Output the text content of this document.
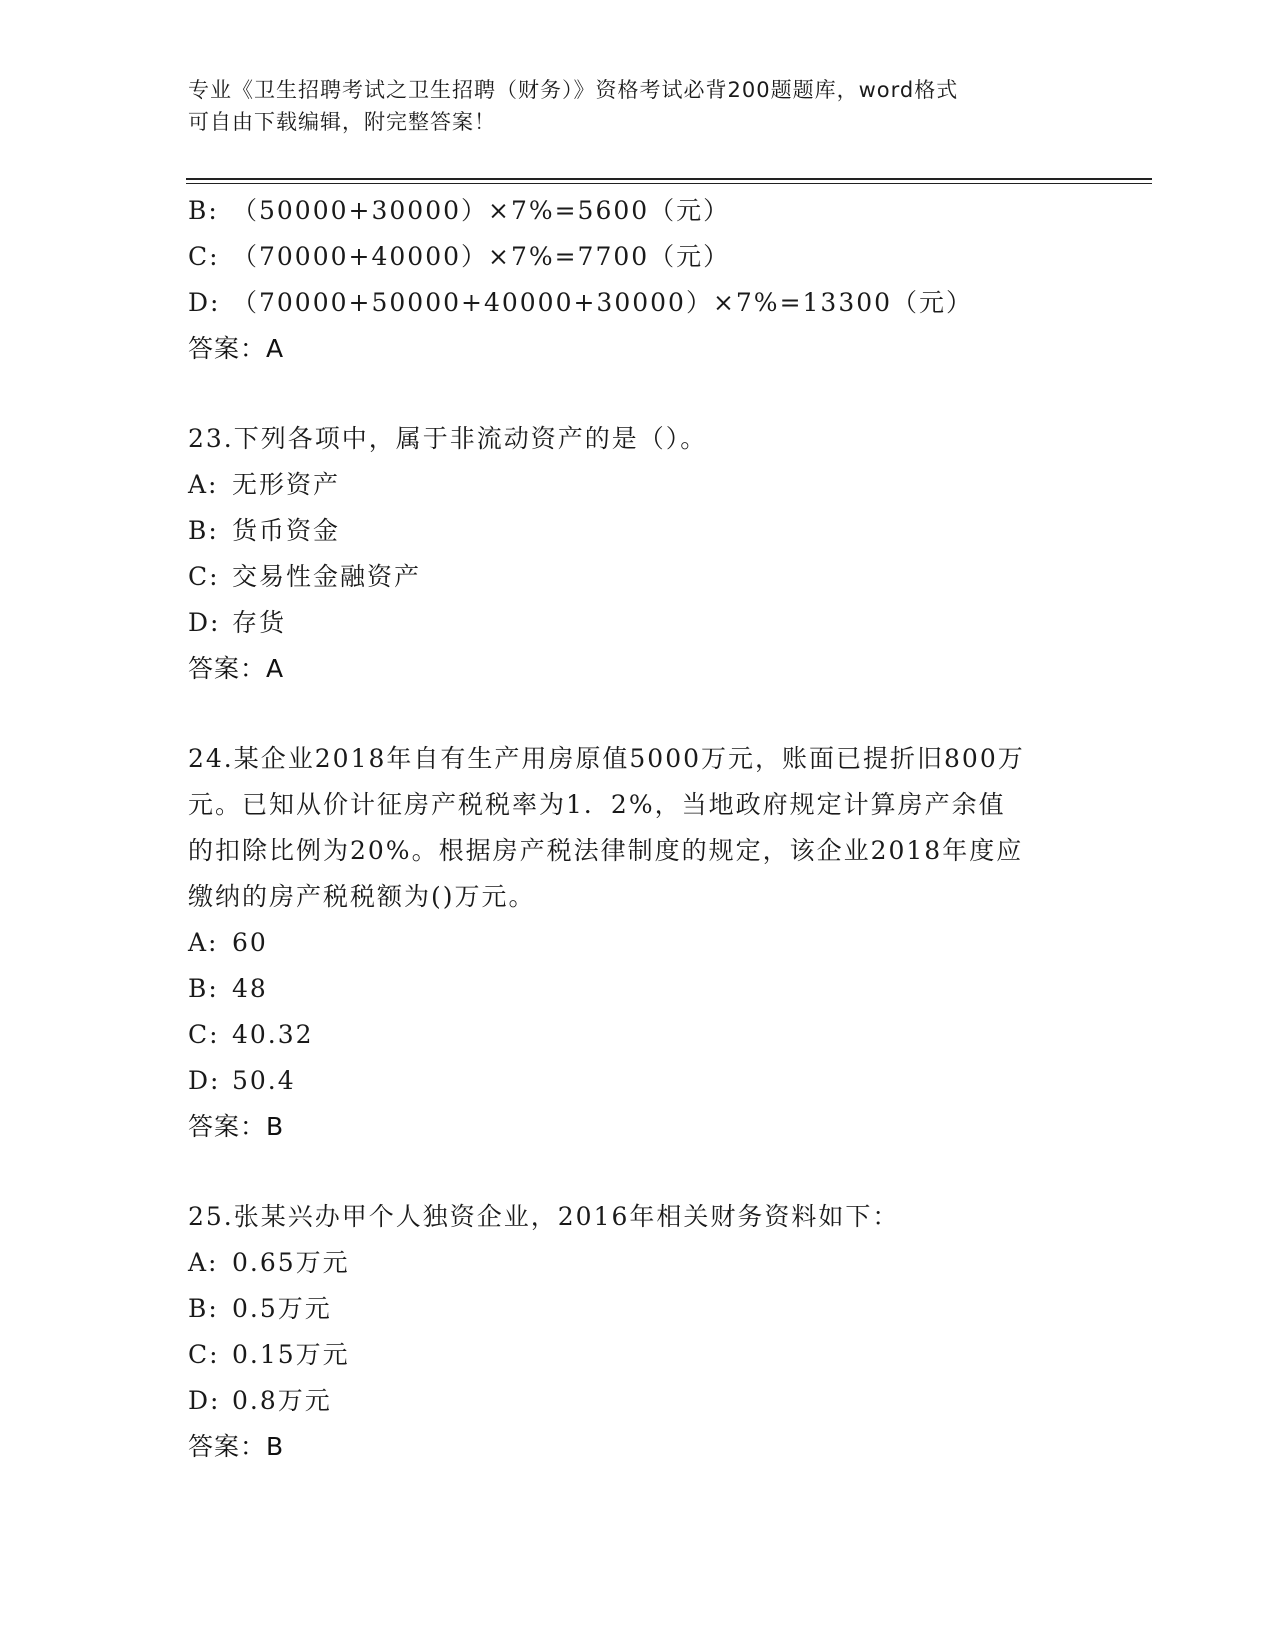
专业《卫生招聘考试之卫生招聘（财务）》资格考试必背200题题库，word格式

可自由下载编辑，附完整答案！

B: （50000+30000）×7%=5600（元）
C: （70000+40000）×7%=7700（元）
D: （70000+50000+40000+30000）×7%=13300（元）
答案：A

23.下列各项中，属于非流动资产的是（）。

A: 无形资产
B: 货币资金
C: 交易性金融资产
D: 存货
答案：A

24.某企业2018年自有生产用房原值5000万元，账面已提折旧800万

元。已知从价计征房产税税率为1．2%，当地政府规定计算房产余值

的扣除比例为20%。根据房产税法律制度的规定，该企业2018年度应

缴纳的房产税税额为()万元。

A: 60
B: 48
C: 40.32
D: 50.4
答案：B

25.张某兴办甲个人独资企业，2016年相关财务资料如下：

A: 0.65万元
B: 0.5万元
C: 0.15万元
D: 0.8万元
答案：B
